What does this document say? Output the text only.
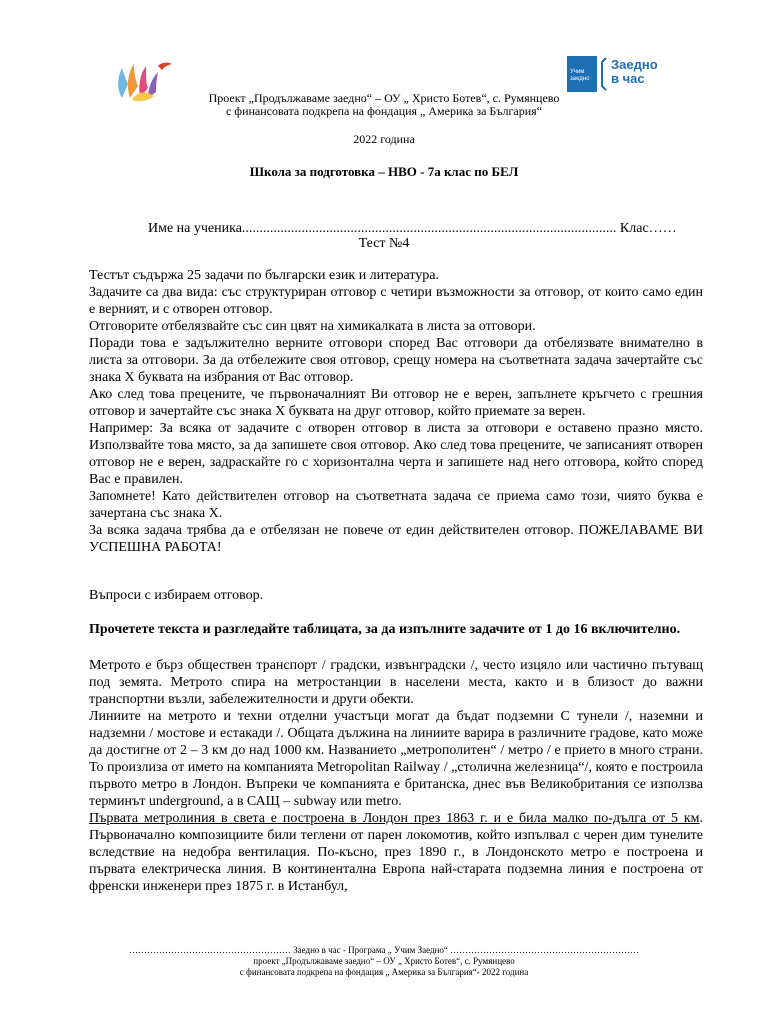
Учим заедно
Заедно
в час
Проект „Продължаваме заедно“ – ОУ „ Христо Ботев“, с. Румянцево
с финансовата подкрепа на фондация „ Америка за България“
2022 година
Школа за подготовка – НВО - 7а клас по БЕЛ
Име на ученика........................................................................................................... Клас……
Тест №4

Тестът съдържа 25 задачи по български език и литература.

Задачите са два вида: със структуриран отговор с четири възможности за отговор, от които само един е верният, и с отворен отговор.

Отговорите отбелязвайте със син цвят на химикалката в листа за отговори.

Поради това е задължително верните отговори според Вас отговори да отбелязвате внимателно в листа за отговори. За да отбележите своя отговор, срещу номера на съответната задача зачертайте със знака Х буквата на избрания от Вас отговор.

Ако след това прецените, че първоначалният Ви отговор не е верен, запълнете кръгчето с грешния отговор и зачертайте със знака Х буквата на друг отговор, който приемате за верен.

Например: За всяка от задачите с отворен отговор в листа за отговори е оставено празно място. Използвайте това място, за да запишете своя отговор. Ако след това прецените, че записаният отворен отговор не е верен, задраскайте го с хоризонтална черта и запишете над него отговора, който според Вас е правилен.

Запомнете! Като действителен отговор на съответната задача се приема само този, чиято буква е зачертана със знака Х.

За всяка задача трябва да е отбелязан не повече от един действителен отговор. ПОЖЕЛАВАМЕ ВИ УСПЕШНА РАБОТА!

Въпроси с избираем отговор.
Прочетете текста и разгледайте таблицата, за да изпълните задачите от 1 до 16 включително.

Метрото е бърз обществен транспорт / градски, извънградски /, често изцяло или частично пътуващ под земята. Метрото спира на метростанции в населени места, както и в близост до важни транспортни възли, забележителности и други обекти.

Линиите на метрото и техни отделни участъци могат да бъдат подземни С тунели /, наземни и надземни / мостове и естакади /. Общата дължина на линиите варира в различните градове, като може да достигне от 2 – 3 км до над 1000 км. Названието „метрополитен“ / метро / е прието в много страни. То произлиза от името на компанията Metropolitan Railway / „столична железница“/, която е построила първото метро в Лондон. Въпреки че компанията е британска, днес във Великобритания се използва терминът underground, а в САЩ – subway или metro.

Първата метролиния в света е построена в Лондон през 1863 г. и е била малко по-дълга от 5 км. Първоначално композициите били теглени от парен локомотив, който изпълвал с черен дим тунелите вследствие на недобра вентилация. По-късно, през 1890 г., в Лондонското метро е построена и първата електрическа линия. В континентална Европа най-старата подземна линия е построена от френски инженери през 1875 г. в Истанбул,

……………………………………………… Заедно в час - Програма „ Учим Заедно“ ………………………………………………………
проект „Продължаваме заедно“ – ОУ „ Христо Ботев“, с. Румянцево
с финансовата подкрепа на фондация „ Америка за България“- 2022 година
